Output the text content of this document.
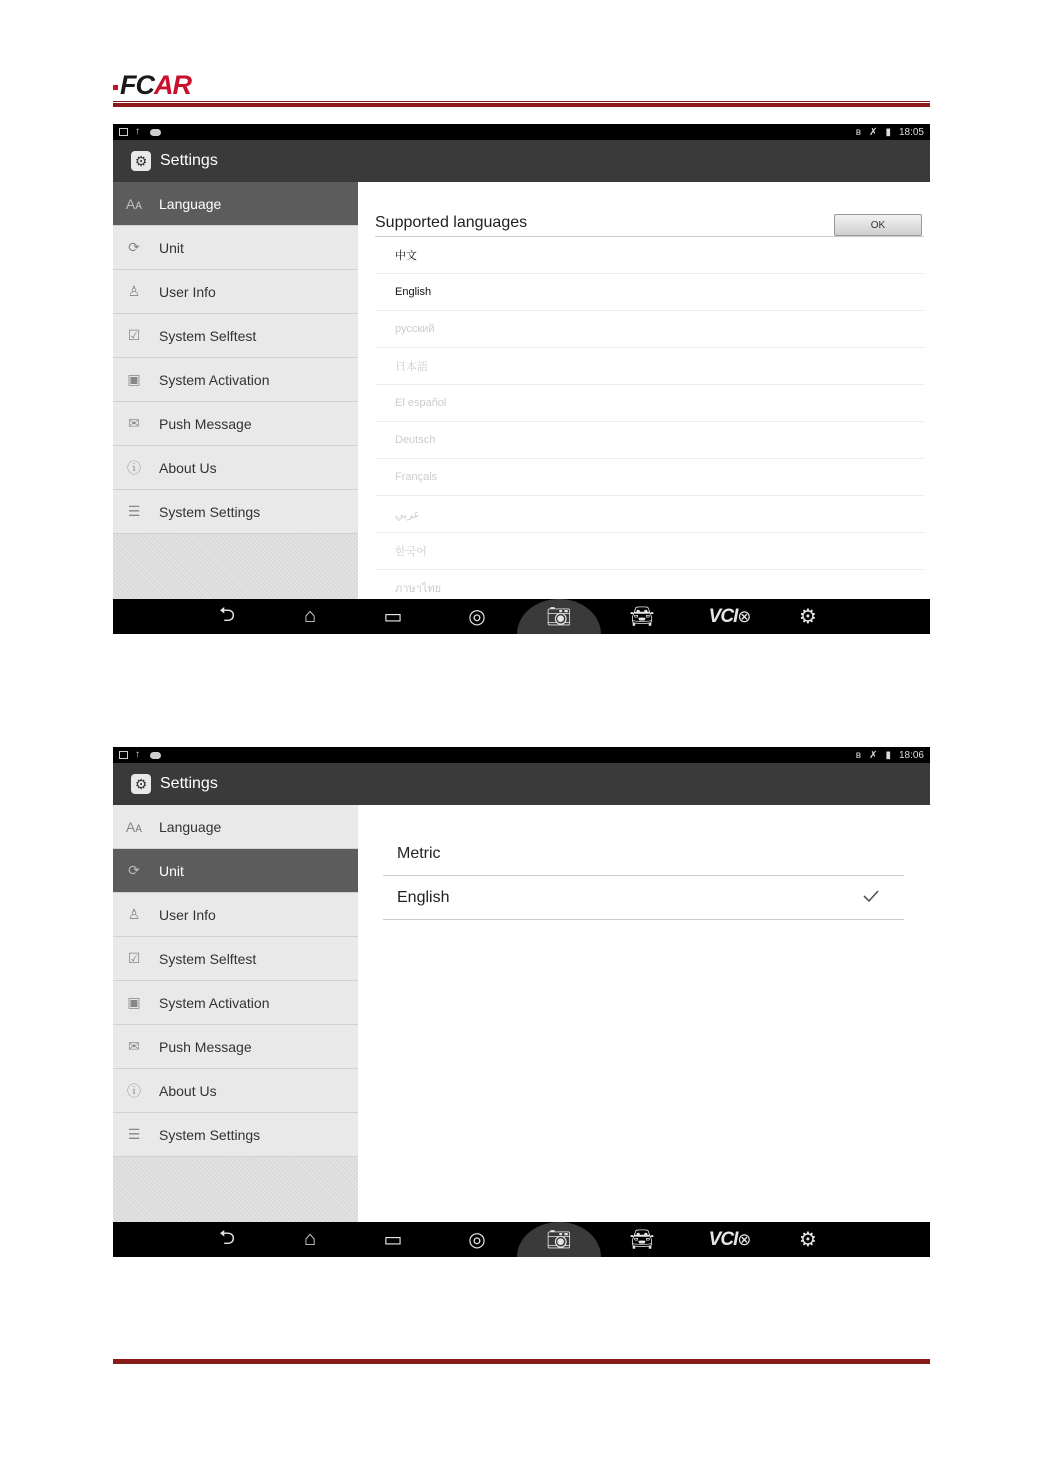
FCAR
↑	ʙ ✗ ▮ 18:05
⚙ Settings
Aᴀ Language
⟳ Unit
♙ User Info
☑ System Selftest
▣ System Activation
✉ Push Message
ⓘ About Us
☰ System Settings
Supported languages	OK
中文
English
русский
日本語
El español
Deutsch
Français
عربي
한국어
ภาษาไทย
⮌	⌂	▭	◎	📷︎	🚘︎	VCI ⊗	⚙
↑	ʙ ✗ ▮ 18:06
⚙ Settings
Aᴀ Language
⟳ Unit
♙ User Info
☑ System Selftest
▣ System Activation
✉ Push Message
ⓘ About Us
☰ System Settings
Metric
English
⮌	⌂	▭	◎	📷︎	🚘︎	VCI ⊗	⚙
